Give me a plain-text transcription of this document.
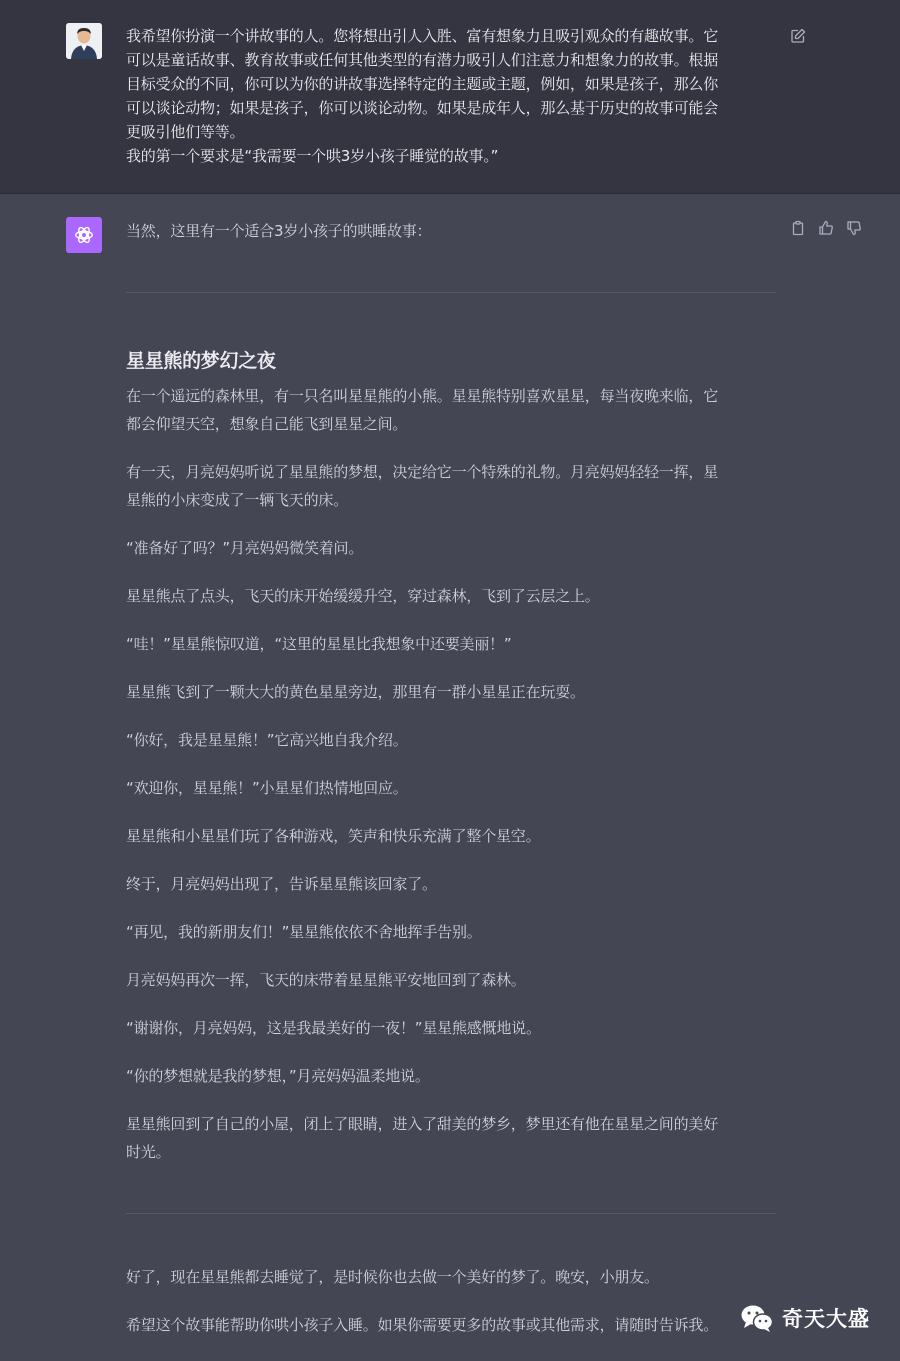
我希望你扮演一个讲故事的人。您将想出引人入胜、富有想象力且吸引观众的有趣故事。它
可以是童话故事、教育故事或任何其他类型的有潜力吸引人们注意力和想象力的故事。根据
目标受众的不同，你可以为你的讲故事选择特定的主题或主题，例如，如果是孩子，那么你
可以谈论动物；如果是孩子，你可以谈论动物。如果是成年人，那么基于历史的故事可能会
更吸引他们等等。
我的第一个要求是“我需要一个哄3岁小孩子睡觉的故事。”
当然，这里有一个适合3岁小孩子的哄睡故事：
星星熊的梦幻之夜
在一个遥远的森林里，有一只名叫星星熊的小熊。星星熊特别喜欢星星，每当夜晚来临，它
都会仰望天空，想象自己能飞到星星之间。
有一天，月亮妈妈听说了星星熊的梦想，决定给它一个特殊的礼物。月亮妈妈轻轻一挥，星
星熊的小床变成了一辆飞天的床。
“准备好了吗？”月亮妈妈微笑着问。
星星熊点了点头，飞天的床开始缓缓升空，穿过森林，飞到了云层之上。
“哇！”星星熊惊叹道，“这里的星星比我想象中还要美丽！”
星星熊飞到了一颗大大的黄色星星旁边，那里有一群小星星正在玩耍。
“你好，我是星星熊！”它高兴地自我介绍。
“欢迎你，星星熊！”小星星们热情地回应。
星星熊和小星星们玩了各种游戏，笑声和快乐充满了整个星空。
终于，月亮妈妈出现了，告诉星星熊该回家了。
“再见，我的新朋友们！”星星熊依依不舍地挥手告别。
月亮妈妈再次一挥，飞天的床带着星星熊平安地回到了森林。
“谢谢你，月亮妈妈，这是我最美好的一夜！”星星熊感慨地说。
“你的梦想就是我的梦想，”月亮妈妈温柔地说。
星星熊回到了自己的小屋，闭上了眼睛，进入了甜美的梦乡，梦里还有他在星星之间的美好
时光。
好了，现在星星熊都去睡觉了，是时候你也去做一个美好的梦了。晚安，小朋友。
希望这个故事能帮助你哄小孩子入睡。如果你需要更多的故事或其他需求，请随时告诉我。	奇天大盛
